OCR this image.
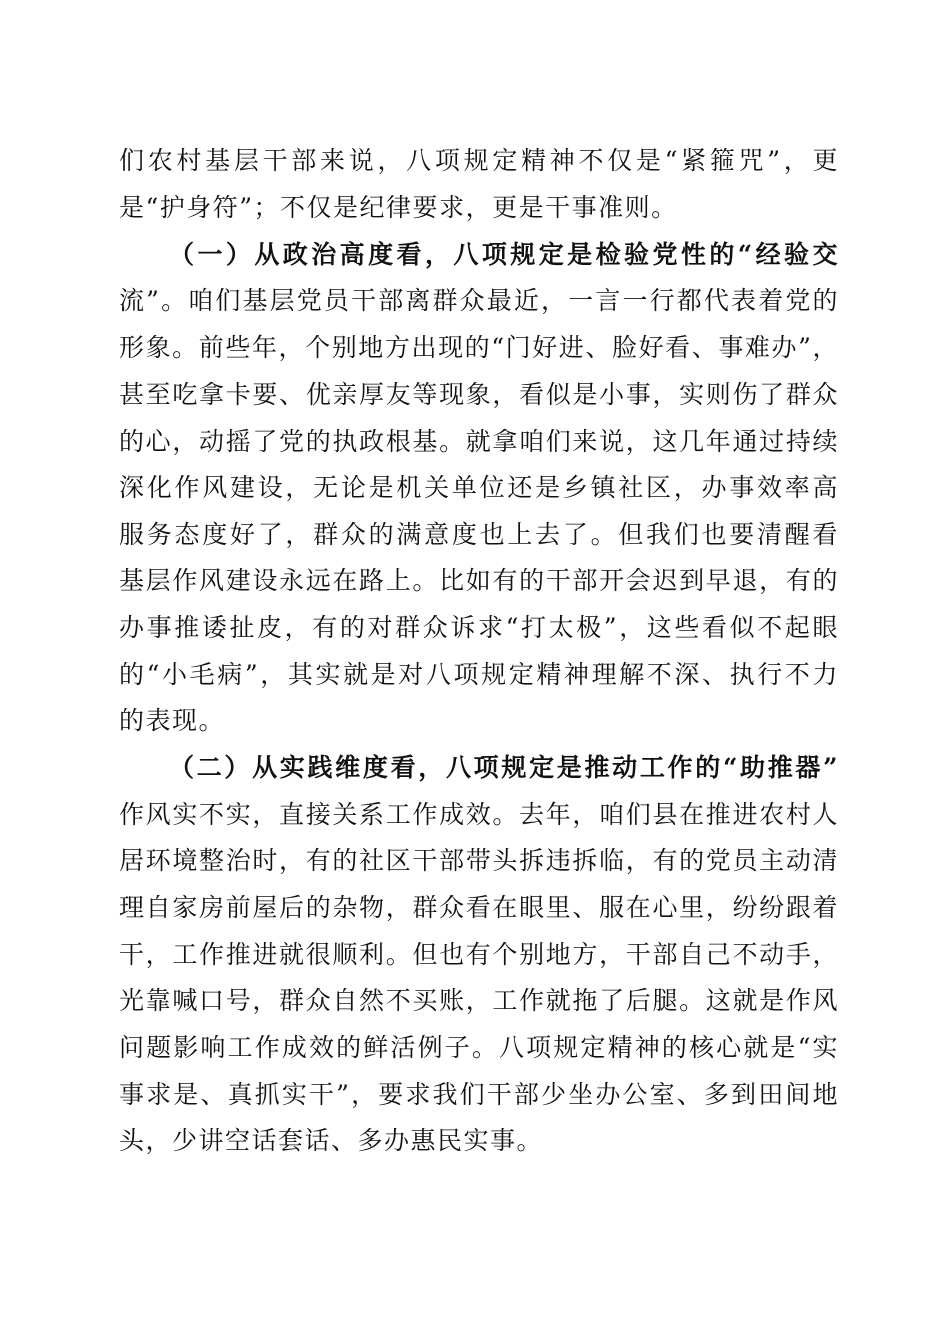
们农村基层干部来说，八项规定精神不仅是“紧箍咒”，更
是“护身符”；不仅是纪律要求，更是干事准则。
（一）从政治高度看，八项规定是检验党性的“经验交
流”。咱们基层党员干部离群众最近，一言一行都代表着党的
形象。前些年，个别地方出现的“门好进、脸好看、事难办”，
甚至吃拿卡要、优亲厚友等现象，看似是小事，实则伤了群众
的心，动摇了党的执政根基。就拿咱们来说，这几年通过持续
深化作风建设，无论是机关单位还是乡镇社区，办事效率高
服务态度好了，群众的满意度也上去了。但我们也要清醒看
基层作风建设永远在路上。比如有的干部开会迟到早退，有的
办事推诿扯皮，有的对群众诉求“打太极”，这些看似不起眼
的“小毛病”，其实就是对八项规定精神理解不深、执行不力
的表现。
（二）从实践维度看，八项规定是推动工作的“助推器”
作风实不实，直接关系工作成效。去年，咱们县在推进农村人
居环境整治时，有的社区干部带头拆违拆临，有的党员主动清
理自家房前屋后的杂物，群众看在眼里、服在心里，纷纷跟着
干，工作推进就很顺利。但也有个别地方，干部自己不动手，
光靠喊口号，群众自然不买账，工作就拖了后腿。这就是作风
问题影响工作成效的鲜活例子。八项规定精神的核心就是“实
事求是、真抓实干”，要求我们干部少坐办公室、多到田间地
头，少讲空话套话、多办惠民实事。
